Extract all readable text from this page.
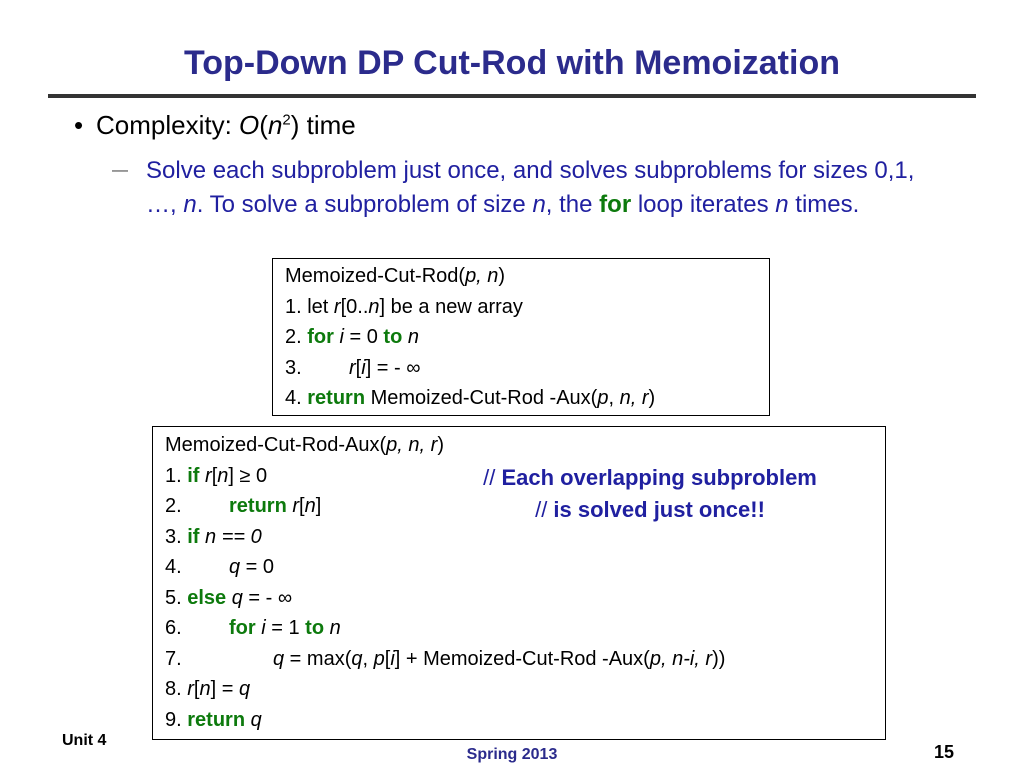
Top-Down DP Cut-Rod with Memoization
• Complexity: $O(n^2)$ time
— Solve each subproblem just once, and solves subproblems for sizes 0,1, …, n. To solve a subproblem of size n, the for loop iterates n times.
Memoized-Cut-Rod(p, n)
1. let r[0..n] be a new array
2. for i = 0 to n
3. r[i] = - ∞
4. return Memoized-Cut-Rod -Aux(p, n, r)
Memoized-Cut-Rod-Aux(p, n, r)
1. if r[n] ≥ 0
2. return r[n]
3. if n == 0
4. q = 0
5. else q = - ∞
6. for i = 1 to n
7.	q = max(q, p[i] + Memoized-Cut-Rod -Aux(p, n-i, r))
8. r[n] = q
9. return q
// Each overlapping subproblem
// is solved just once!!
Unit 4
Spring 2013	15
